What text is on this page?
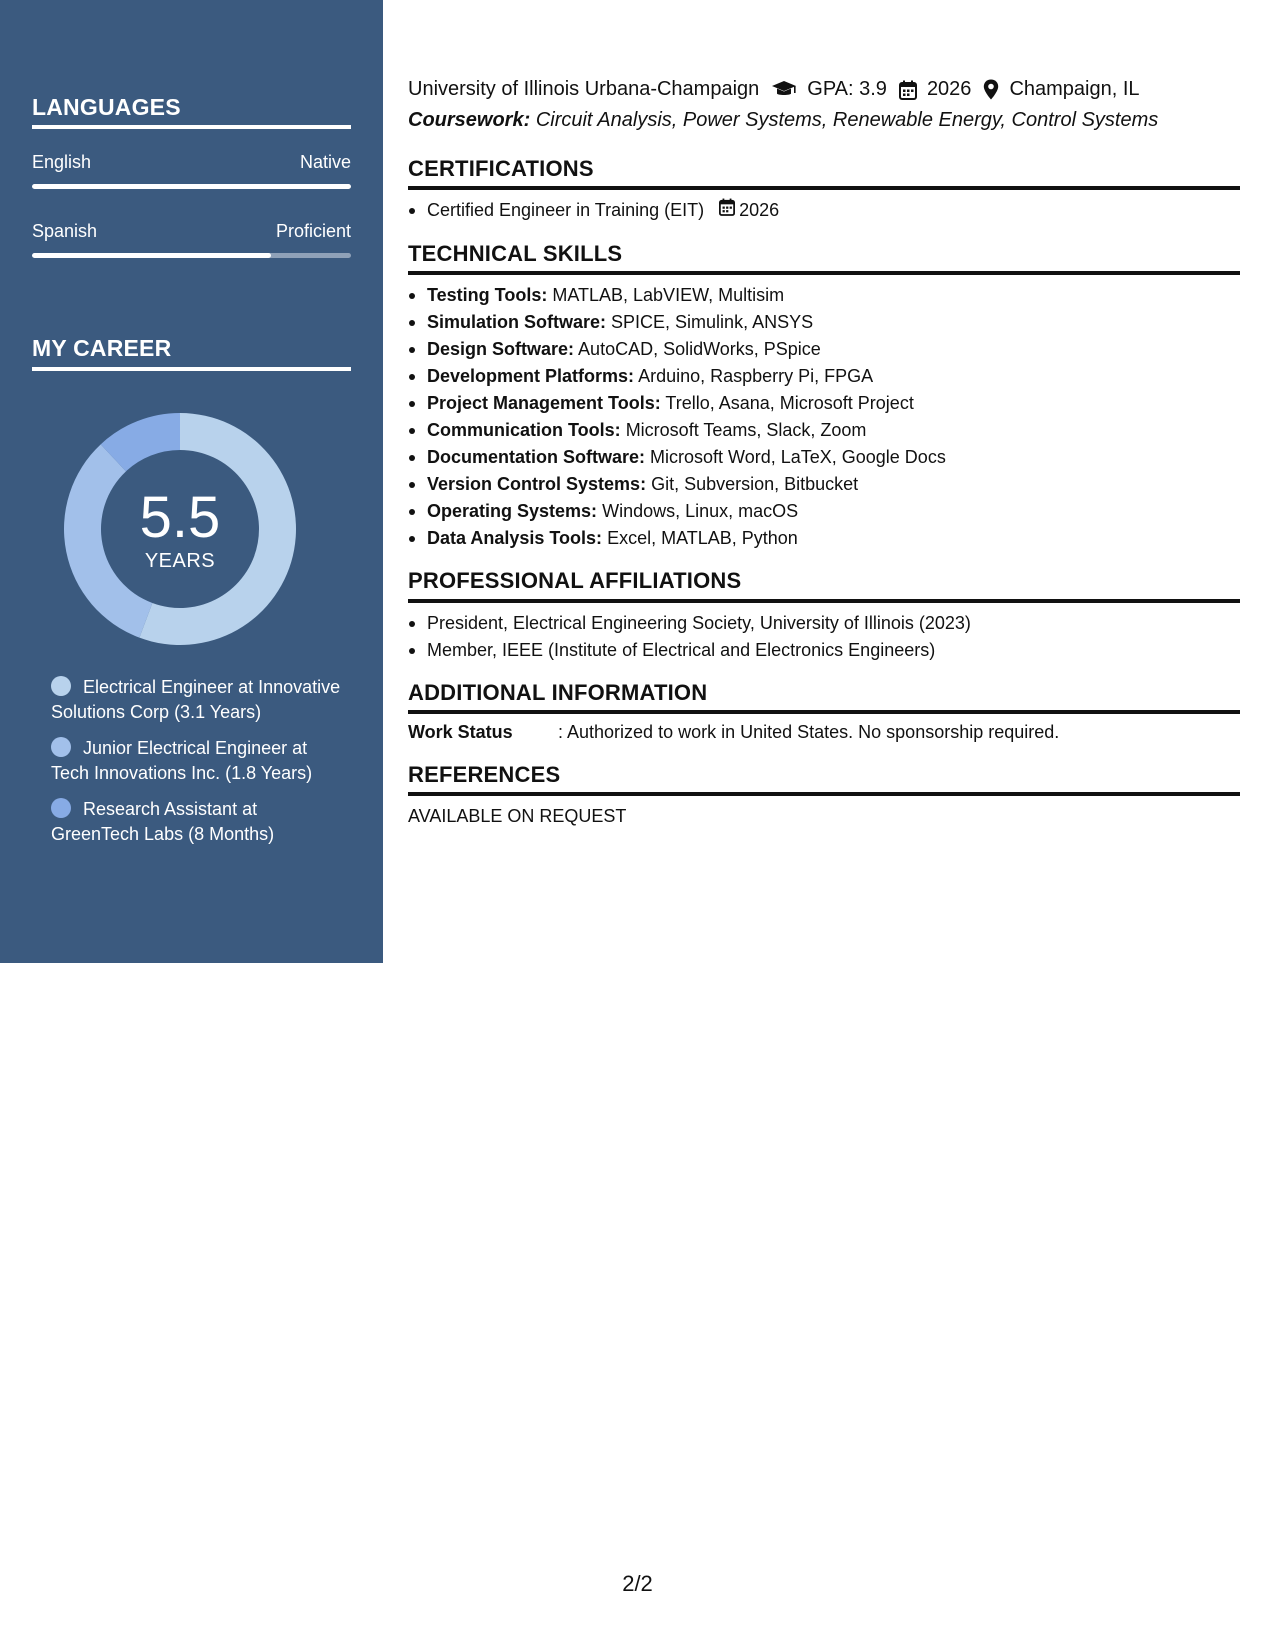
LANGUAGES
English	Native
Spanish	Proficient
MY CAREER
5.5
YEARS
Electrical Engineer at Innovative Solutions Corp (3.1 Years)
Junior Electrical Engineer at Tech Innovations Inc. (1.8 Years)
Research Assistant at GreenTech Labs (8 Months)
University of Illinois Urbana-Champaign GPA: 3.9 2026 Champaign, IL
Coursework: Circuit Analysis, Power Systems, Renewable Energy, Control Systems
CERTIFICATIONS
Certified Engineer in Training (EIT) 2026
TECHNICAL SKILLS
Testing Tools: MATLAB, LabVIEW, Multisim
Simulation Software: SPICE, Simulink, ANSYS
Design Software: AutoCAD, SolidWorks, PSpice
Development Platforms: Arduino, Raspberry Pi, FPGA
Project Management Tools: Trello, Asana, Microsoft Project
Communication Tools: Microsoft Teams, Slack, Zoom
Documentation Software: Microsoft Word, LaTeX, Google Docs
Version Control Systems: Git, Subversion, Bitbucket
Operating Systems: Windows, Linux, macOS
Data Analysis Tools: Excel, MATLAB, Python
PROFESSIONAL AFFILIATIONS
President, Electrical Engineering Society, University of Illinois (2023)
Member, IEEE (Institute of Electrical and Electronics Engineers)
ADDITIONAL INFORMATION
Work Status	: Authorized to work in United States. No sponsorship required.
REFERENCES
AVAILABLE ON REQUEST
2/2
